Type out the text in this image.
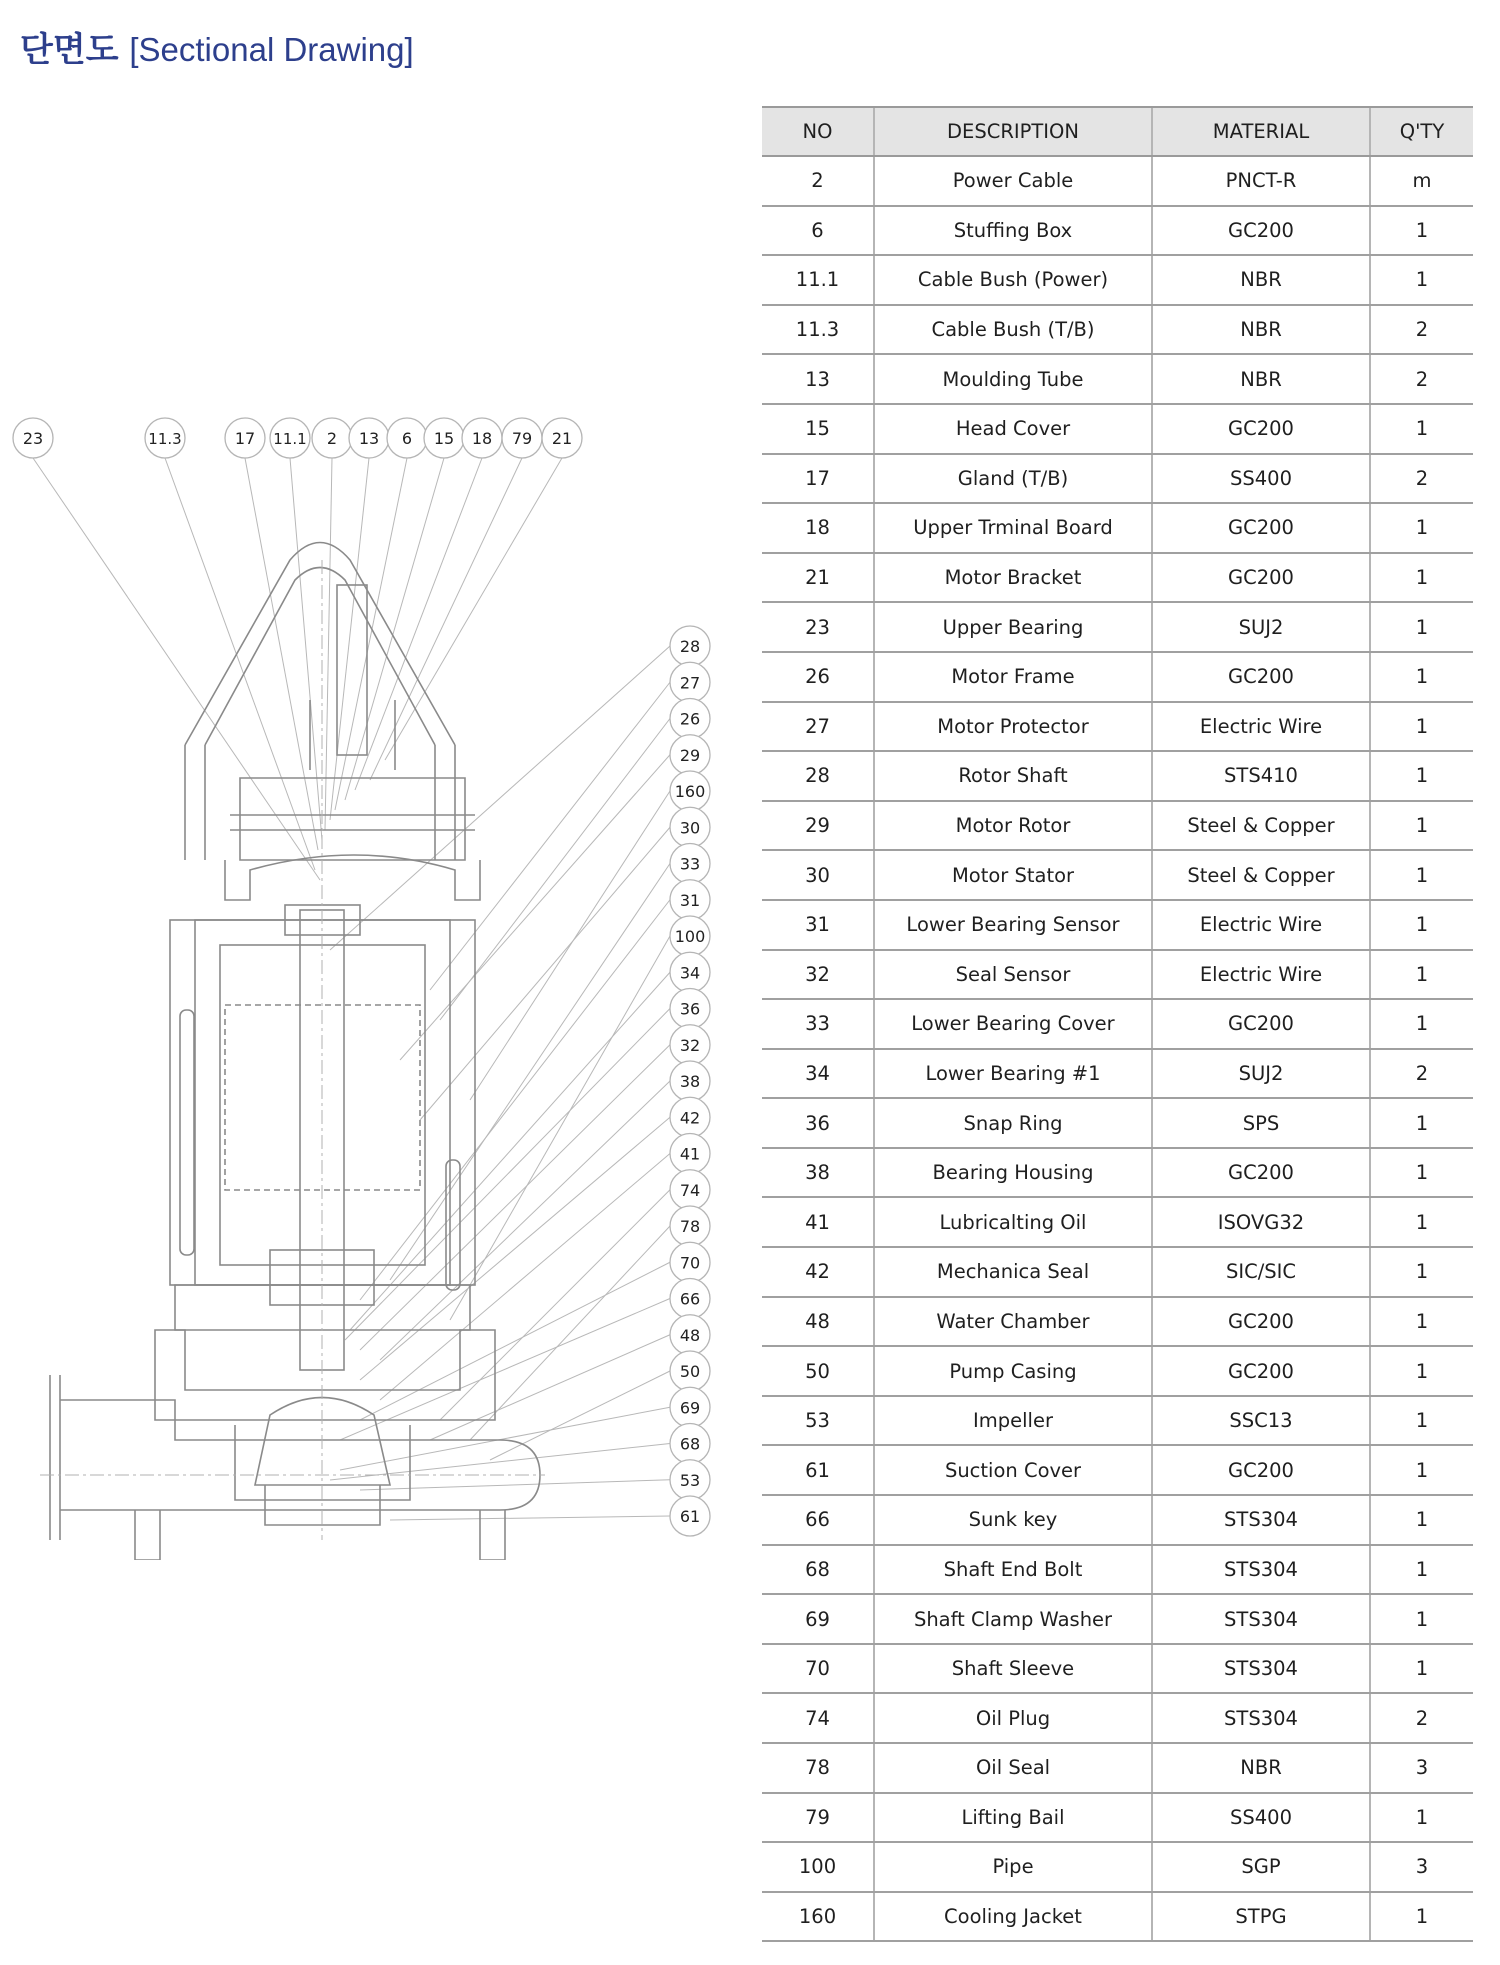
단면도 [Sectional Drawing]
23	11.3	17 11.1 2 13 6 15 18 79 21
28
27
26
29
160
30
33
31
100
34
36
32
38
42
41
74
78
70
66
48
50
69
68
53
61
NO	DESCRIPTION	MATERIAL	Q'TY
2	Power Cable	PNCT-R	m
6	Stuffing Box	GC200	1
11.1	Cable Bush (Power)	NBR	1
11.3	Cable Bush (T/B)	NBR	2
13	Moulding Tube	NBR	2
15	Head Cover	GC200	1
17	Gland (T/B)	SS400	2
18	Upper Trminal Board	GC200	1
21	Motor Bracket	GC200	1
23	Upper Bearing	SUJ2	1
26	Motor Frame	GC200	1
27	Motor Protector	Electric Wire	1
28	Rotor Shaft	STS410	1
29	Motor Rotor	Steel & Copper	1
30	Motor Stator	Steel & Copper	1
31	Lower Bearing Sensor	Electric Wire	1
32	Seal Sensor	Electric Wire	1
33	Lower Bearing Cover	GC200	1
34	Lower Bearing #1	SUJ2	2
36	Snap Ring	SPS	1
38	Bearing Housing	GC200	1
41	Lubricalting Oil	ISOVG32	1
42	Mechanica Seal	SIC/SIC	1
48	Water Chamber	GC200	1
50	Pump Casing	GC200	1
53	Impeller	SSC13	1
61	Suction Cover	GC200	1
66	Sunk key	STS304	1
68	Shaft End Bolt	STS304	1
69	Shaft Clamp Washer	STS304	1
70	Shaft Sleeve	STS304	1
74	Oil Plug	STS304	2
78	Oil Seal	NBR	3
79	Lifting Bail	SS400	1
100	Pipe	SGP	3
160	Cooling Jacket	STPG	1
